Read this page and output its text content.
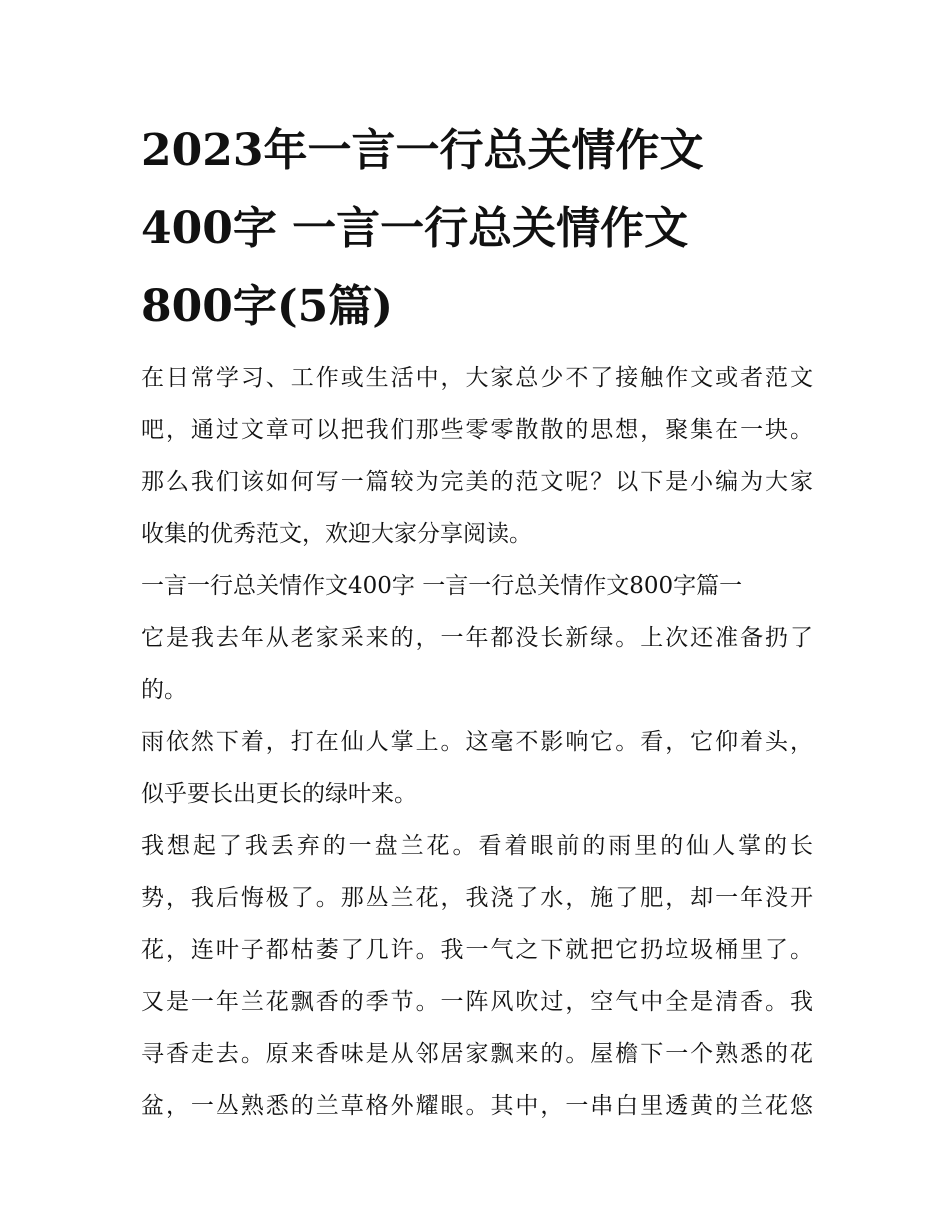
2023年一言一行总关情作文
400字 一言一行总关情作文
800字(5篇)
在日常学习、工作或生活中，大家总少不了接触作文或者范文
吧，通过文章可以把我们那些零零散散的思想，聚集在一块。
那么我们该如何写一篇较为完美的范文呢？以下是小编为大家
收集的优秀范文，欢迎大家分享阅读。
一言一行总关情作文400字 一言一行总关情作文800字篇一
它是我去年从老家采来的，一年都没长新绿。上次还准备扔了
的。
雨依然下着，打在仙人掌上。这毫不影响它。看，它仰着头，
似乎要长出更长的绿叶来。
我想起了我丢弃的一盘兰花。看着眼前的雨里的仙人掌的长
势，我后悔极了。那丛兰花，我浇了水，施了肥，却一年没开
花，连叶子都枯萎了几许。我一气之下就把它扔垃圾桶里了。
又是一年兰花飘香的季节。一阵风吹过，空气中全是清香。我
寻香走去。原来香味是从邻居家飘来的。屋檐下一个熟悉的花
盆，一丛熟悉的兰草格外耀眼。其中，一串白里透黄的兰花悠
